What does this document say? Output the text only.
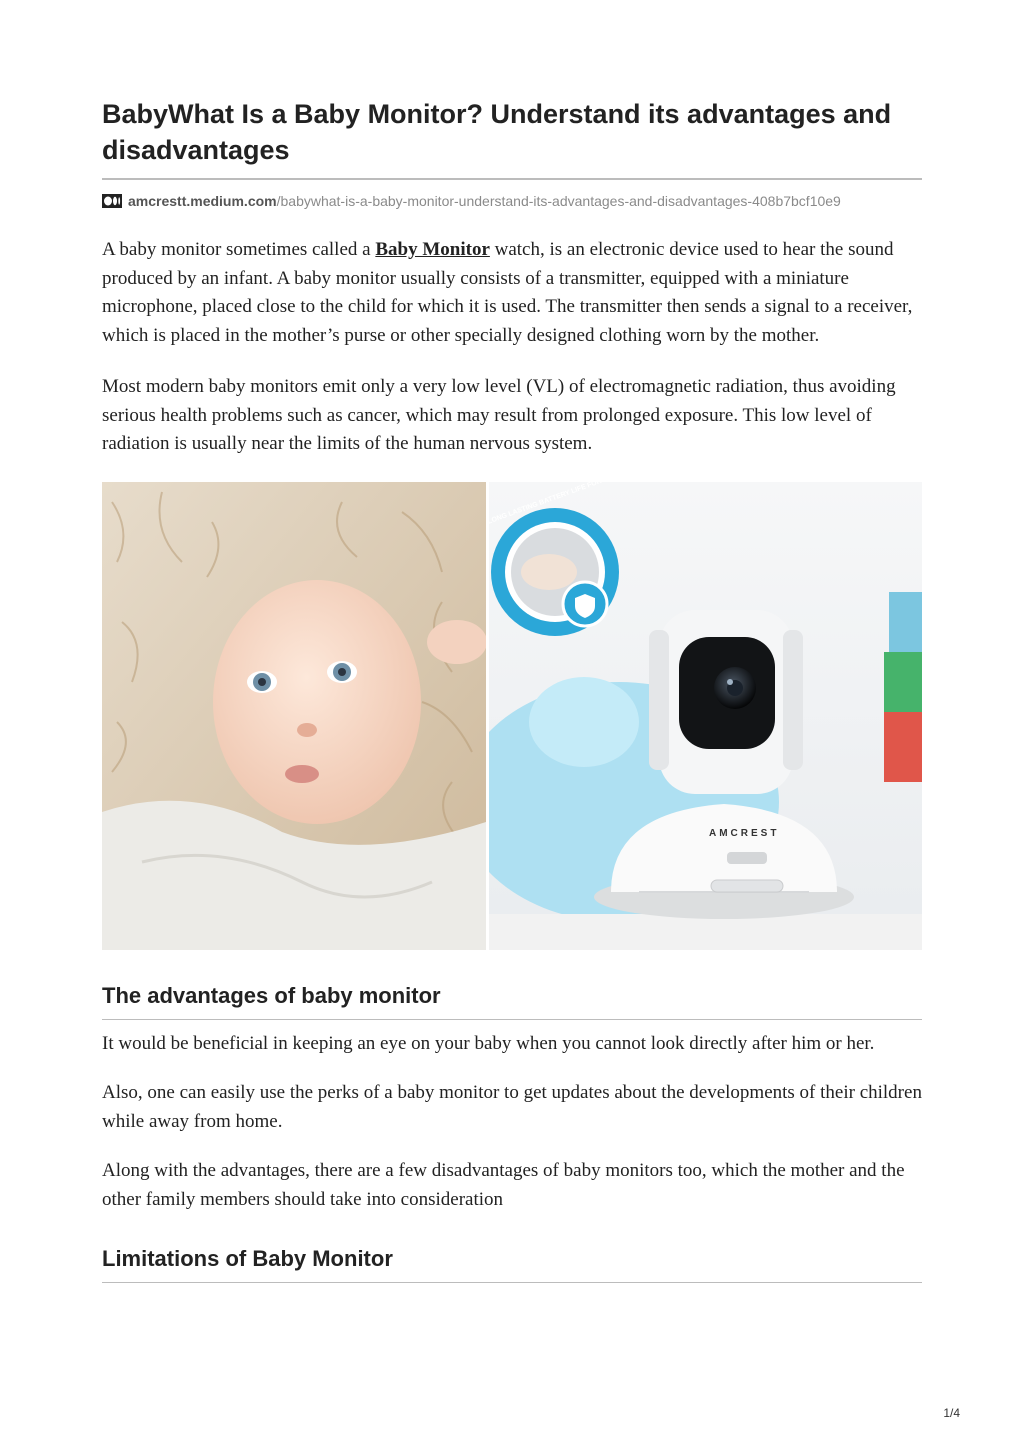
BabyWhat Is a Baby Monitor? Understand its advantages and disadvantages
amcrestt.medium.com /babywhat-is-a-baby-monitor-understand-its-advantages-and-disadvantages-408b7bcf10e9

A baby monitor sometimes called a Baby Monitor watch, is an electronic device used to hear the sound produced by an infant. A baby monitor usually consists of a transmitter, equipped with a miniature microphone, placed close to the child for which it is used. The transmitter then sends a signal to a receiver, which is placed in the mother’s purse or other specially designed clothing worn by the mother.

Most modern baby monitors emit only a very low level (VL) of electromagnetic radiation, thus avoiding serious health problems such as cancer, which may result from prolonged exposure. This low level of radiation is usually near the limits of the human nervous system.

AMCREST
The advantages of baby monitor

It would be beneficial in keeping an eye on your baby when you cannot look directly after him or her.

Also, one can easily use the perks of a baby monitor to get updates about the developments of their children while away from home.

Along with the advantages, there are a few disadvantages of baby monitors too, which the mother and the other family members should take into consideration

Limitations of Baby Monitor
1/4
